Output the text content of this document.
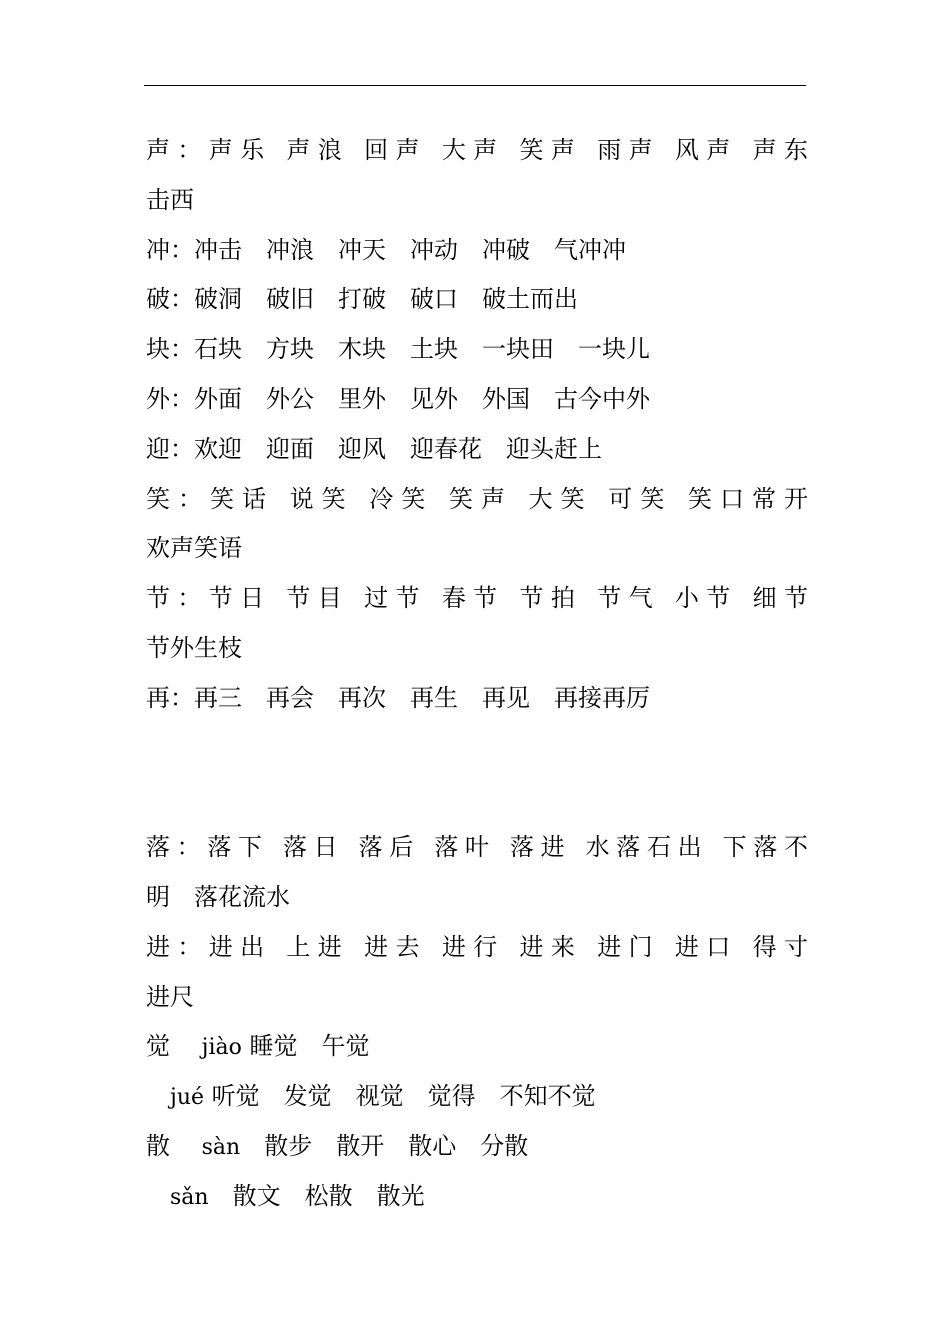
声：声乐 声浪 回声 大声 笑声 雨声 风声 声东
击西
冲：冲击　冲浪　冲天　冲动　冲破　气冲冲
破：破洞　破旧　打破　破口　破土而出
块：石块　方块　木块　土块　一块田　一块儿
外：外面　外公　里外　见外　外国　古今中外
迎：欢迎　迎面　迎风　迎春花　迎头赶上
笑：笑话 说笑 冷笑 笑声 大笑 可笑 笑口常开
欢声笑语
节：节日 节目 过节 春节 节拍 节气 小节 细节
节外生枝
再：再三　再会　再次　再生　再见　再接再厉
落：落下 落日 落后 落叶 落进 水落石出 下落不
明　落花流水
进：进出 上进 进去 进行 进来 进门 进口 得寸
进尺
觉　 jiào 睡觉　午觉
jué 听觉　发觉　视觉　觉得　不知不觉
散　 sàn　 散步　散开　散心　分散
sǎn　 散文　松散　散光
